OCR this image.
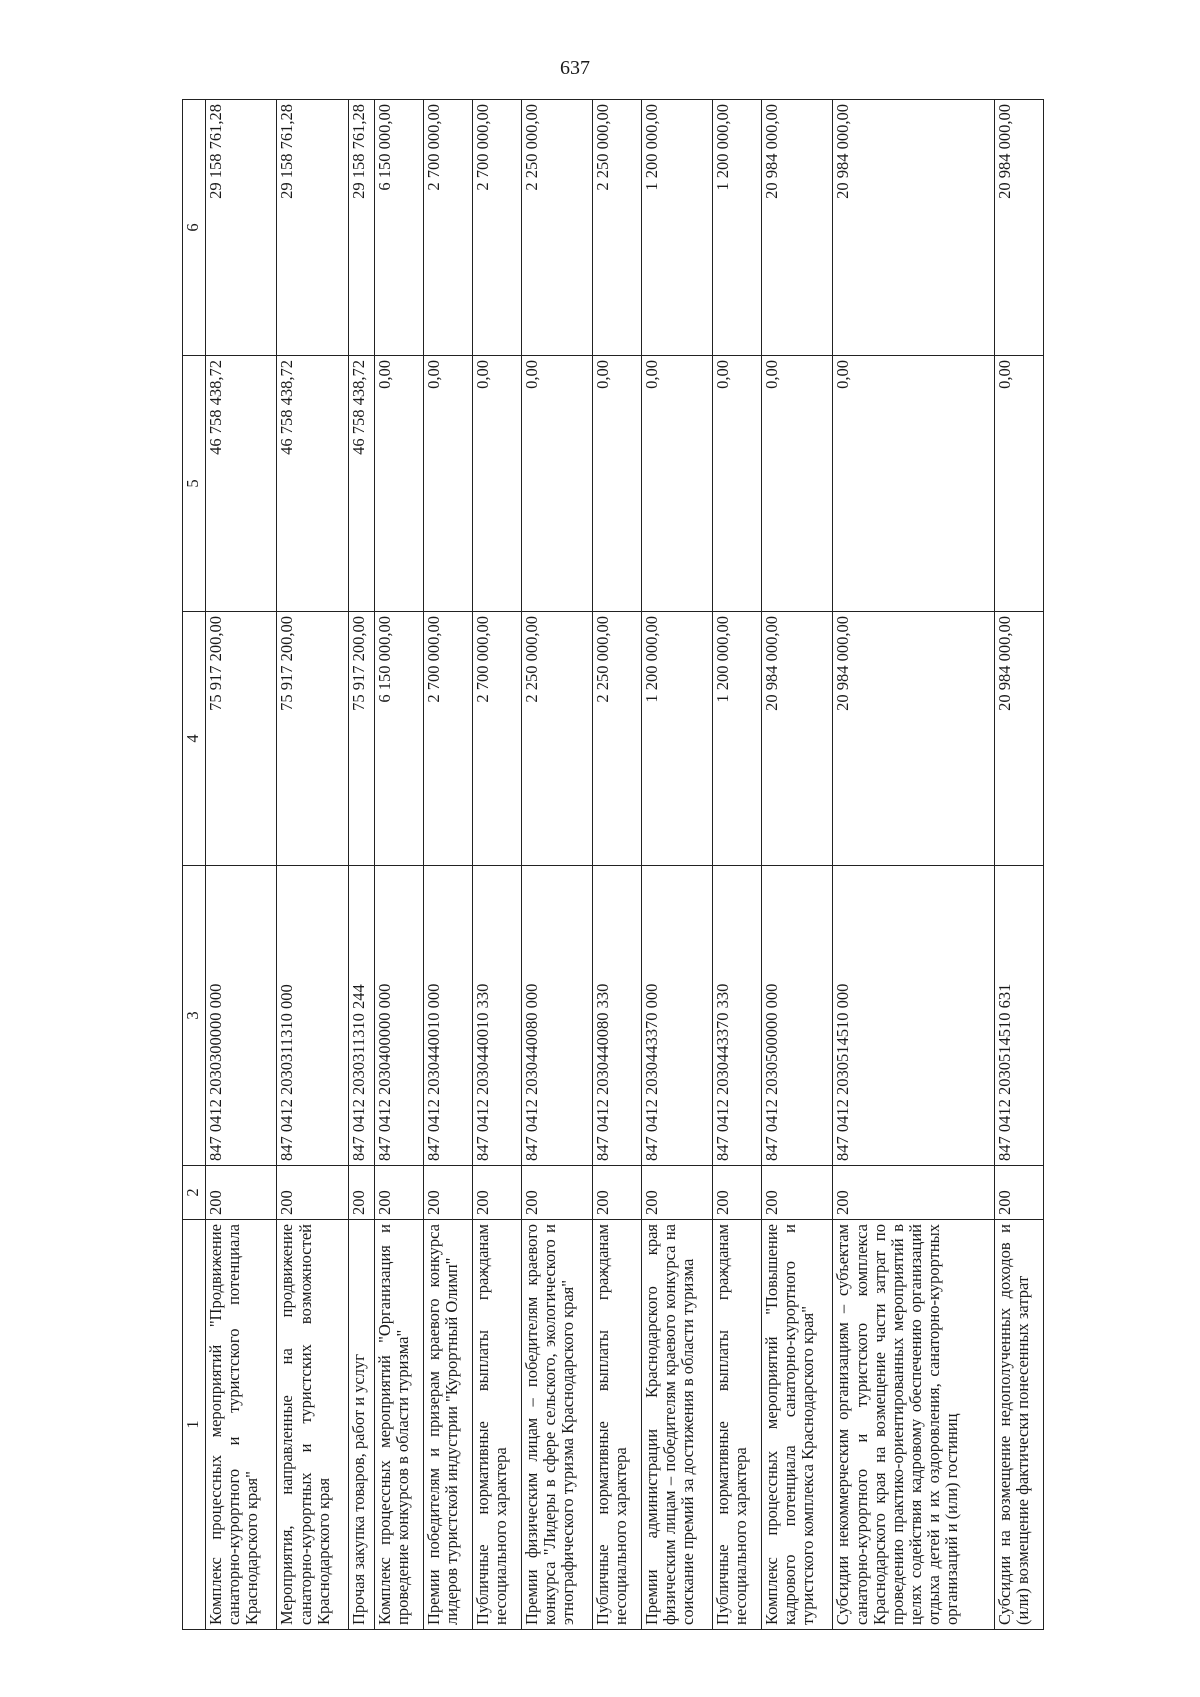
637
1	2	3	4	5	6
Комплекс процессных мероприятий "Продвижение санаторно-курортного и туристского потенциала Краснодарского края"	200	847 0412 2030300000 000	75 917 200,00	46 758 438,72	29 158 761,28
Мероприятия, направленные на продвижение санаторно-курортных и туристских возможностей Краснодарского края	200	847 0412 2030311310 000	75 917 200,00	46 758 438,72	29 158 761,28
Прочая закупка товаров, работ и услуг	200	847 0412 2030311310 244	75 917 200,00	46 758 438,72	29 158 761,28
Комплекс процессных мероприятий "Организация и проведение конкурсов в области туризма"	200	847 0412 2030400000 000	6 150 000,00	0,00	6 150 000,00
Премии победителям и призерам краевого конкурса лидеров туристской индустрии "Курортный Олимп"	200	847 0412 2030440010 000	2 700 000,00	0,00	2 700 000,00
Публичные нормативные выплаты гражданам несоциального характера	200	847 0412 2030440010 330	2 700 000,00	0,00	2 700 000,00
Премии физическим лицам – победителям краевого конкурса "Лидеры в сфере сельского, экологического и этнографического туризма Краснодарского края"	200	847 0412 2030440080 000	2 250 000,00	0,00	2 250 000,00
Публичные нормативные выплаты гражданам несоциального характера	200	847 0412 2030440080 330	2 250 000,00	0,00	2 250 000,00
Премии администрации Краснодарского края физическим лицам – победителям краевого конкурса на соискание премий за достижения в области туризма	200	847 0412 2030443370 000	1 200 000,00	0,00	1 200 000,00
Публичные нормативные выплаты гражданам несоциального характера	200	847 0412 2030443370 330	1 200 000,00	0,00	1 200 000,00
Комплекс процессных мероприятий "Повышение кадрового потенциала санаторно-курортного и туристского комплекса Краснодарского края"	200	847 0412 2030500000 000	20 984 000,00	0,00	20 984 000,00
Субсидии некоммерческим организациям – субъектам санаторно-курортного и туристского комплекса Краснодарского края на возмещение части затрат по проведению практико-ориентированных мероприятий в целях содействия кадровому обеспечению организаций отдыха детей и их оздоровления, санаторно-курортных организаций и (или) гостиниц	200	847 0412 2030514510 000	20 984 000,00	0,00	20 984 000,00
Субсидии на возмещение недополученных доходов и (или) возмещение фактически понесенных затрат	200	847 0412 2030514510 631	20 984 000,00	0,00	20 984 000,00
